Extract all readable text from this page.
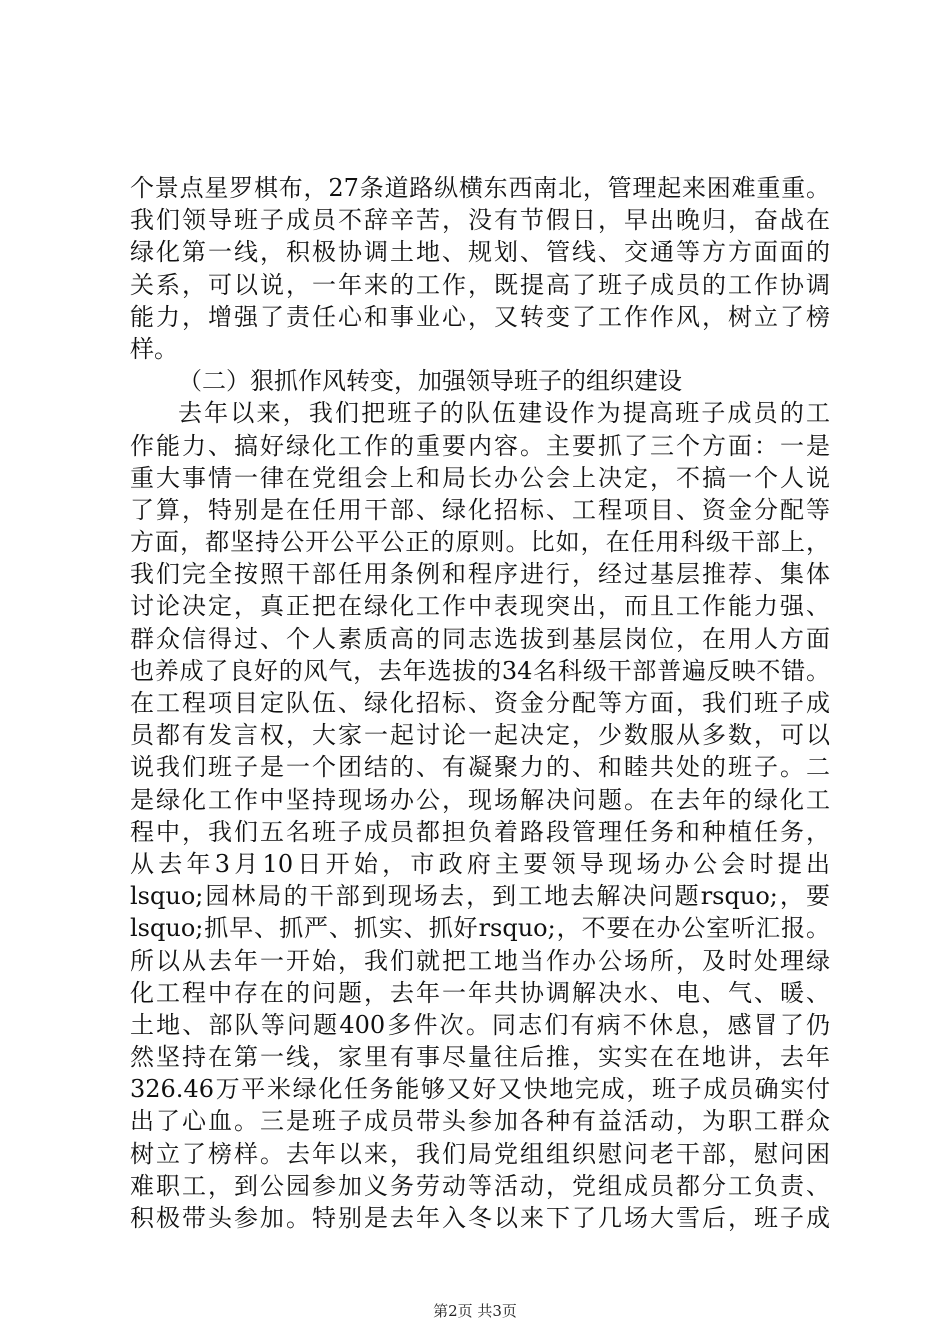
个景点星罗棋布，27条道路纵横东西南北，管理起来困难重重。
我们领导班子成员不辞辛苦，没有节假日，早出晚归，奋战在
绿化第一线，积极协调土地、规划、管线、交通等方方面面的
关系，可以说，一年来的工作，既提高了班子成员的工作协调
能力，增强了责任心和事业心，又转变了工作作风，树立了榜
样。
（二）狠抓作风转变，加强领导班子的组织建设
去年以来，我们把班子的队伍建设作为提高班子成员的工
作能力、搞好绿化工作的重要内容。主要抓了三个方面：一是
重大事情一律在党组会上和局长办公会上决定，不搞一个人说
了算，特别是在任用干部、绿化招标、工程项目、资金分配等
方面，都坚持公开公平公正的原则。比如，在任用科级干部上，
我们完全按照干部任用条例和程序进行，经过基层推荐、集体
讨论决定，真正把在绿化工作中表现突出，而且工作能力强、
群众信得过、个人素质高的同志选拔到基层岗位，在用人方面
也养成了良好的风气，去年选拔的34名科级干部普遍反映不错。
在工程项目定队伍、绿化招标、资金分配等方面，我们班子成
员都有发言权，大家一起讨论一起决定，少数服从多数，可以
说我们班子是一个团结的、有凝聚力的、和睦共处的班子。二
是绿化工作中坚持现场办公，现场解决问题。在去年的绿化工
程中，我们五名班子成员都担负着路段管理任务和种植任务，
从去年3月10日开始，市政府主要领导现场办公会时提出
lsquo;园林局的干部到现场去，到工地去解决问题rsquo;，要
lsquo;抓早、抓严、抓实、抓好rsquo;，不要在办公室听汇报。
所以从去年一开始，我们就把工地当作办公场所，及时处理绿
化工程中存在的问题，去年一年共协调解决水、电、气、暖、
土地、部队等问题400多件次。同志们有病不休息，感冒了仍
然坚持在第一线，家里有事尽量往后推，实实在在地讲，去年
326.46万平米绿化任务能够又好又快地完成，班子成员确实付
出了心血。三是班子成员带头参加各种有益活动，为职工群众
树立了榜样。去年以来，我们局党组组织慰问老干部，慰问困
难职工，到公园参加义务劳动等活动，党组成员都分工负责、
积极带头参加。特别是去年入冬以来下了几场大雪后，班子成
第2页 共3页
